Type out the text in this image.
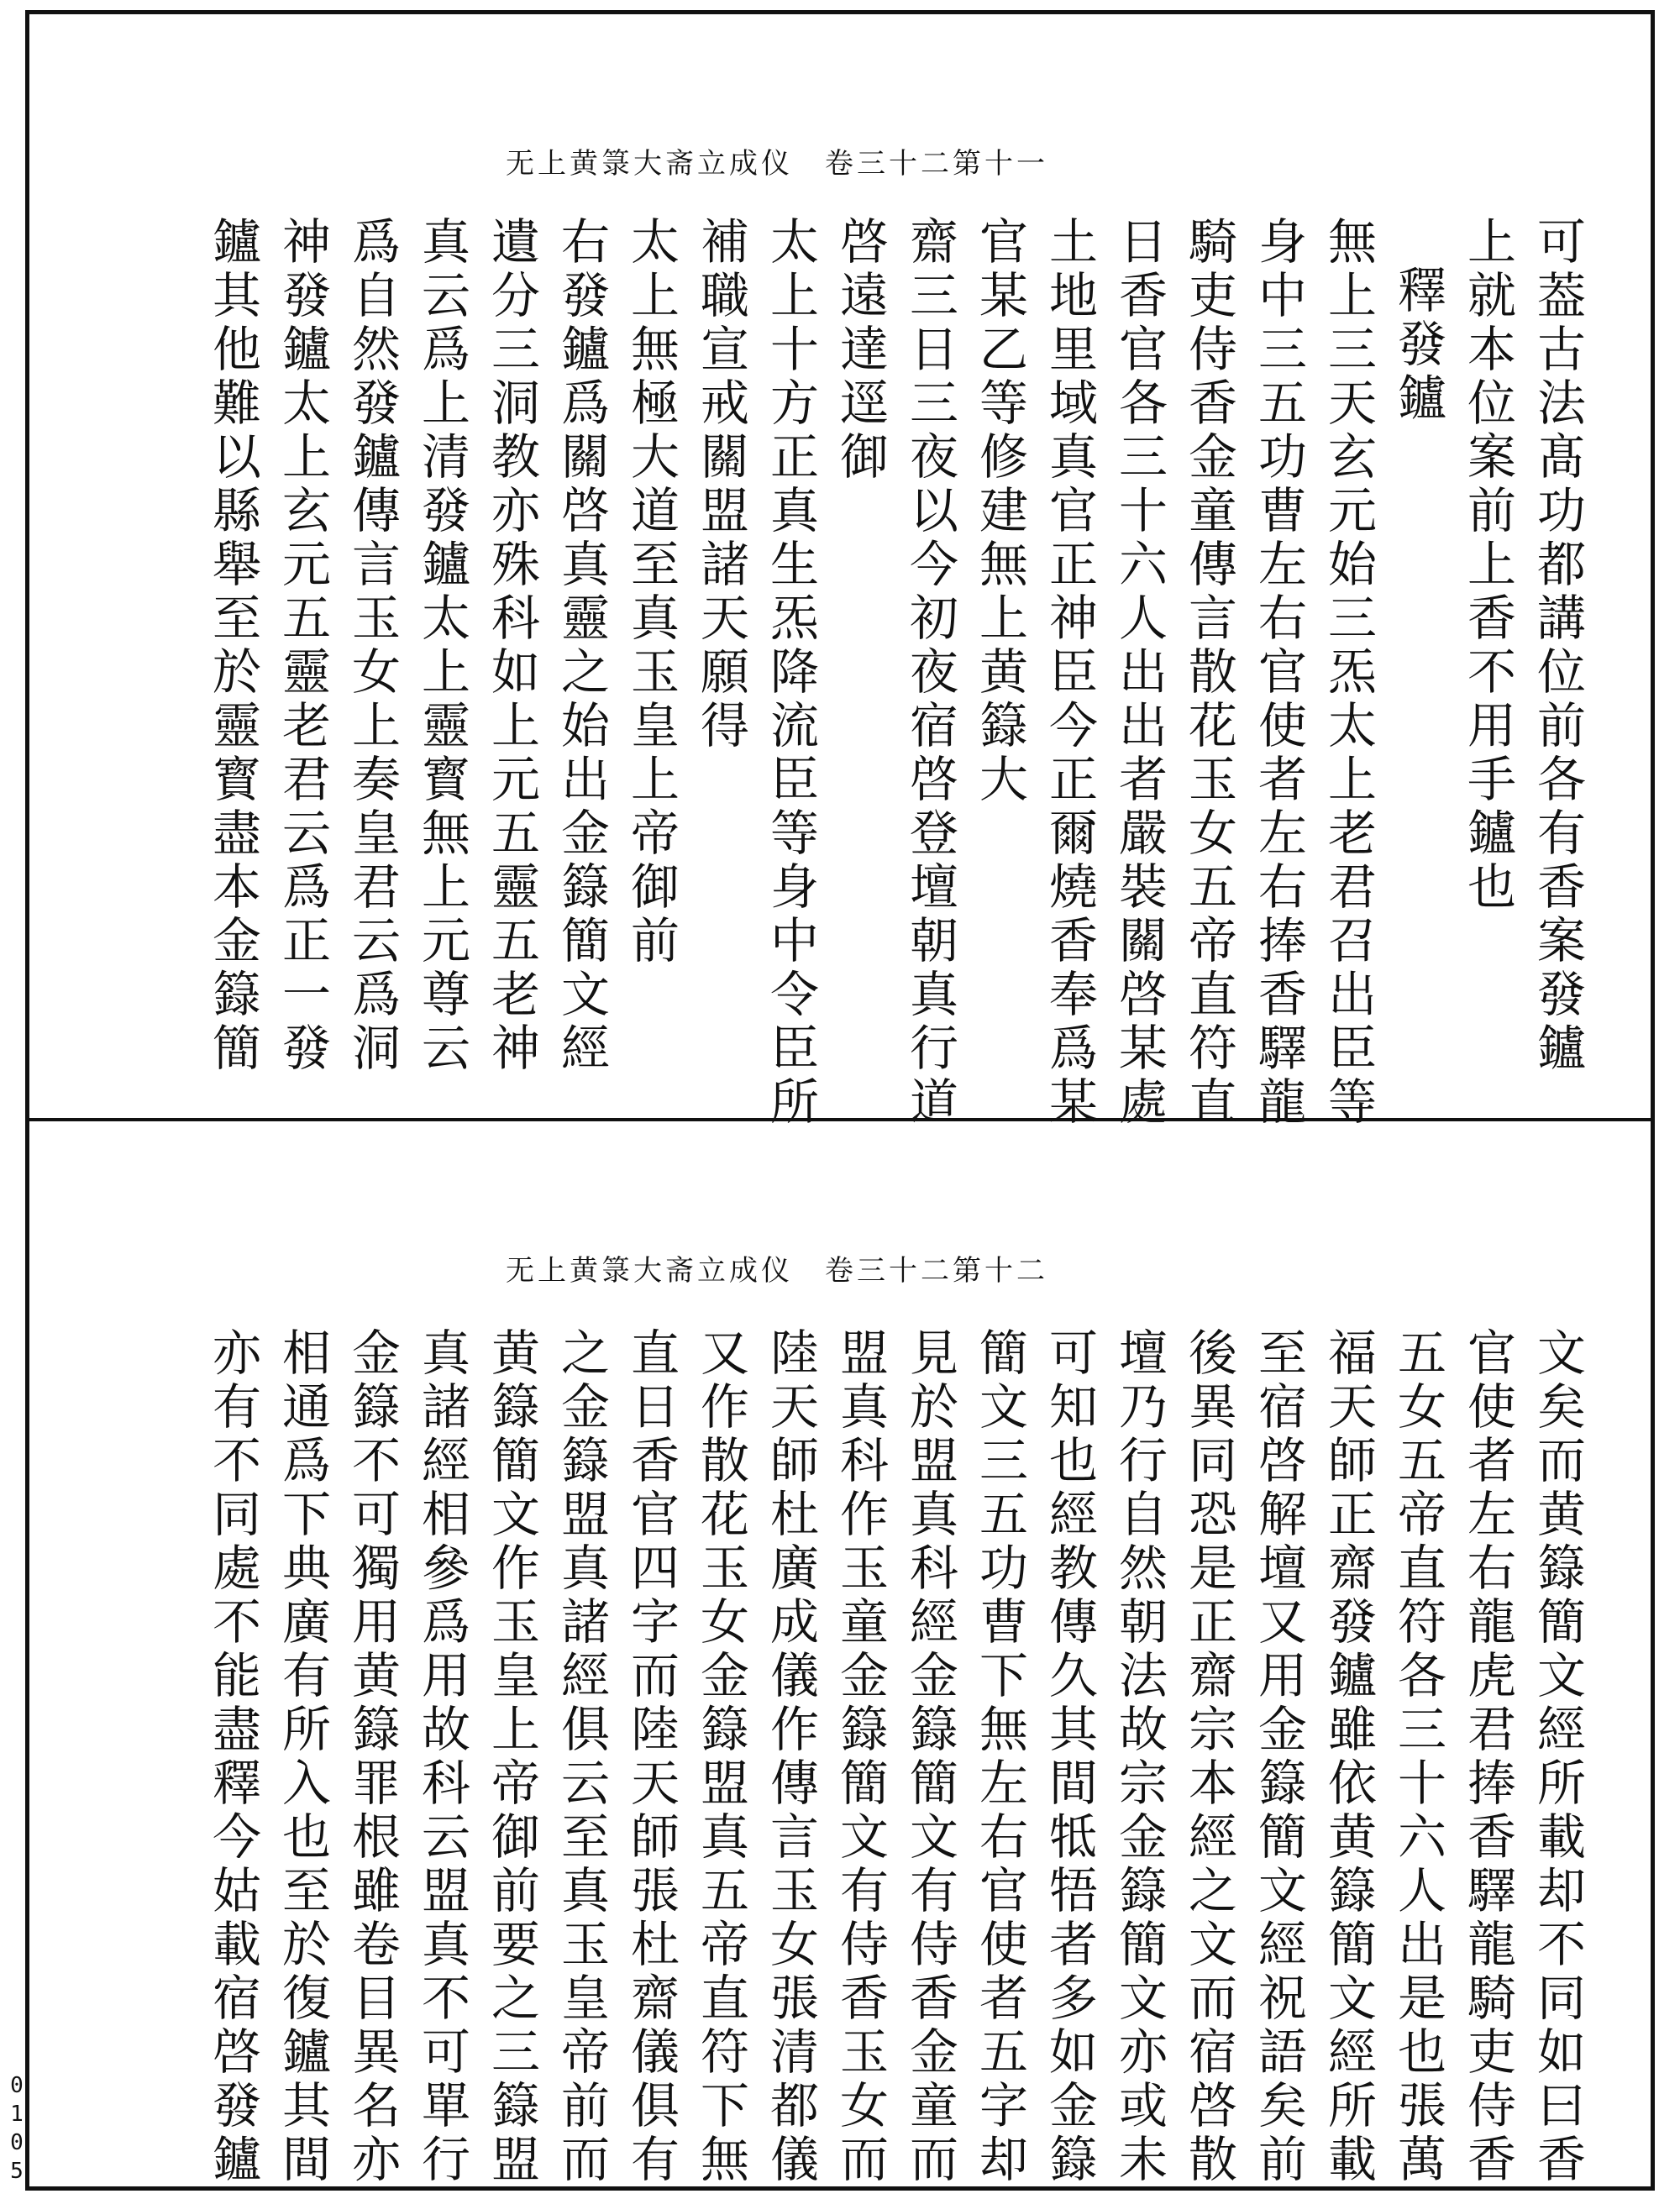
无上黄箓大斋立成仪　卷三十二第十一
可葢古法髙功都講位前各有香案發鑪
上就本位案前上香不用手鑪也
釋發鑪
無上三天玄元始三炁太上老君召出臣等
身中三五功曹左右官使者左右捧香驛龍
騎吏侍香金童傳言散花玉女五帝直符直
日香官各三十六人出出者嚴裝關啓某處
土地里域真官正神臣今正爾燒香奉爲某
官某乙等修建無上黄籙大
齋三日三夜以今初夜宿啓登壇朝真行道
啓遠達逕御
太上十方正真生炁降流臣等身中令臣所
補職宣戒關盟諸天願得
太上無極大道至真玉皇上帝御前
右發鑪爲關啓真靈之始出金籙簡文經
遺分三洞教亦殊科如上元五靈五老神
真云爲上清發鑪太上靈寳無上元尊云
爲自然發鑪傳言玉女上奏皇君云爲洞
神發鑪太上玄元五靈老君云爲正一發
鑪其他難以縣舉至於靈寳盡本金籙簡
无上黄箓大斋立成仪　卷三十二第十二
文矣而黄籙簡文經所載却不同如曰香
官使者左右龍虎君捧香驛龍騎吏侍香
五女五帝直符各三十六人出是也張萬
福天師正齋發鑪雖依黄籙簡文經所載
至宿啓解壇又用金籙簡文經祝語矣前
後異同恐是正齋宗本經之文而宿啓散
壇乃行自然朝法故宗金籙簡文亦或未
可知也經教傳久其間牴牾者多如金籙
簡文三五功曹下無左右官使者五字却
見於盟真科經金籙簡文有侍香金童而
盟真科作玉童金籙簡文有侍香玉女而
陸天師杜廣成儀作傳言玉女張清都儀
又作散花玉女金籙盟真五帝直符下無
直日香官四字而陸天師張杜齋儀俱有
之金籙盟真諸經俱云至真玉皇帝前而
黄籙簡文作玉皇上帝御前要之三籙盟
真諸經相參爲用故科云盟真不可單行
金籙不可獨用黄籙罪根雖卷目異名亦
相通爲下典廣有所入也至於復鑪其間
亦有不同處不能盡釋今姑載宿啓發鑪
0
1
0
5
